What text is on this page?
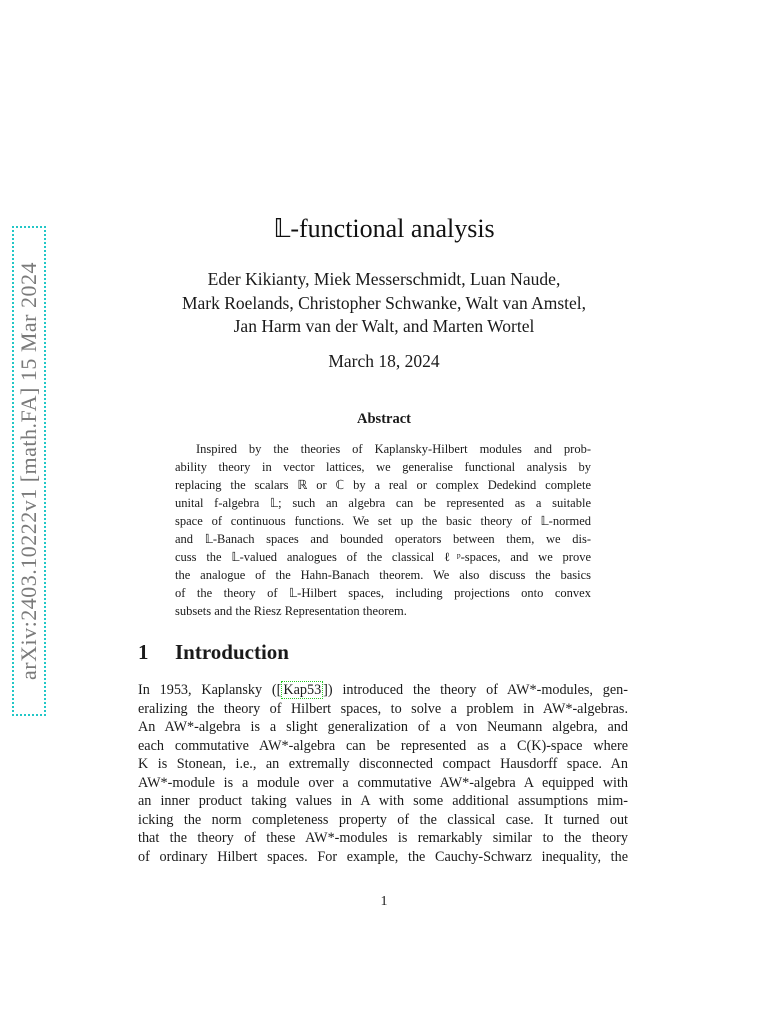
arXiv:2403.10222v1 [math.FA] 15 Mar 2024
𝕃-functional analysis
Eder Kikianty, Miek Messerschmidt, Luan Naude,
Mark Roelands, Christopher Schwanke, Walt van Amstel,
Jan Harm van der Walt, and Marten Wortel
March 18, 2024
Abstract
Inspired by the theories of Kaplansky-Hilbert modules and prob-
ability theory in vector lattices, we generalise functional analysis by
replacing the scalars ℝ or ℂ by a real or complex Dedekind complete
unital f-algebra 𝕃; such an algebra can be represented as a suitable
space of continuous functions. We set up the basic theory of 𝕃-normed
and 𝕃-Banach spaces and bounded operators between them, we dis-
cuss the 𝕃-valued analogues of the classical ℓᵖ-spaces, and we prove
the analogue of the Hahn-Banach theorem. We also discuss the basics
of the theory of 𝕃-Hilbert spaces, including projections onto convex
subsets and the Riesz Representation theorem.
1 Introduction
In 1953, Kaplansky ([ Kap53 ]) introduced the theory of AW*-modules, gen-
eralizing the theory of Hilbert spaces, to solve a problem in AW*-algebras.
An AW*-algebra is a slight generalization of a von Neumann algebra, and
each commutative AW*-algebra can be represented as a C(K)-space where
K is Stonean, i.e., an extremally disconnected compact Hausdorff space. An
AW*-module is a module over a commutative AW*-algebra A equipped with
an inner product taking values in A with some additional assumptions mim-
icking the norm completeness property of the classical case. It turned out
that the theory of these AW*-modules is remarkably similar to the theory
of ordinary Hilbert spaces. For example, the Cauchy-Schwarz inequality, the
1
